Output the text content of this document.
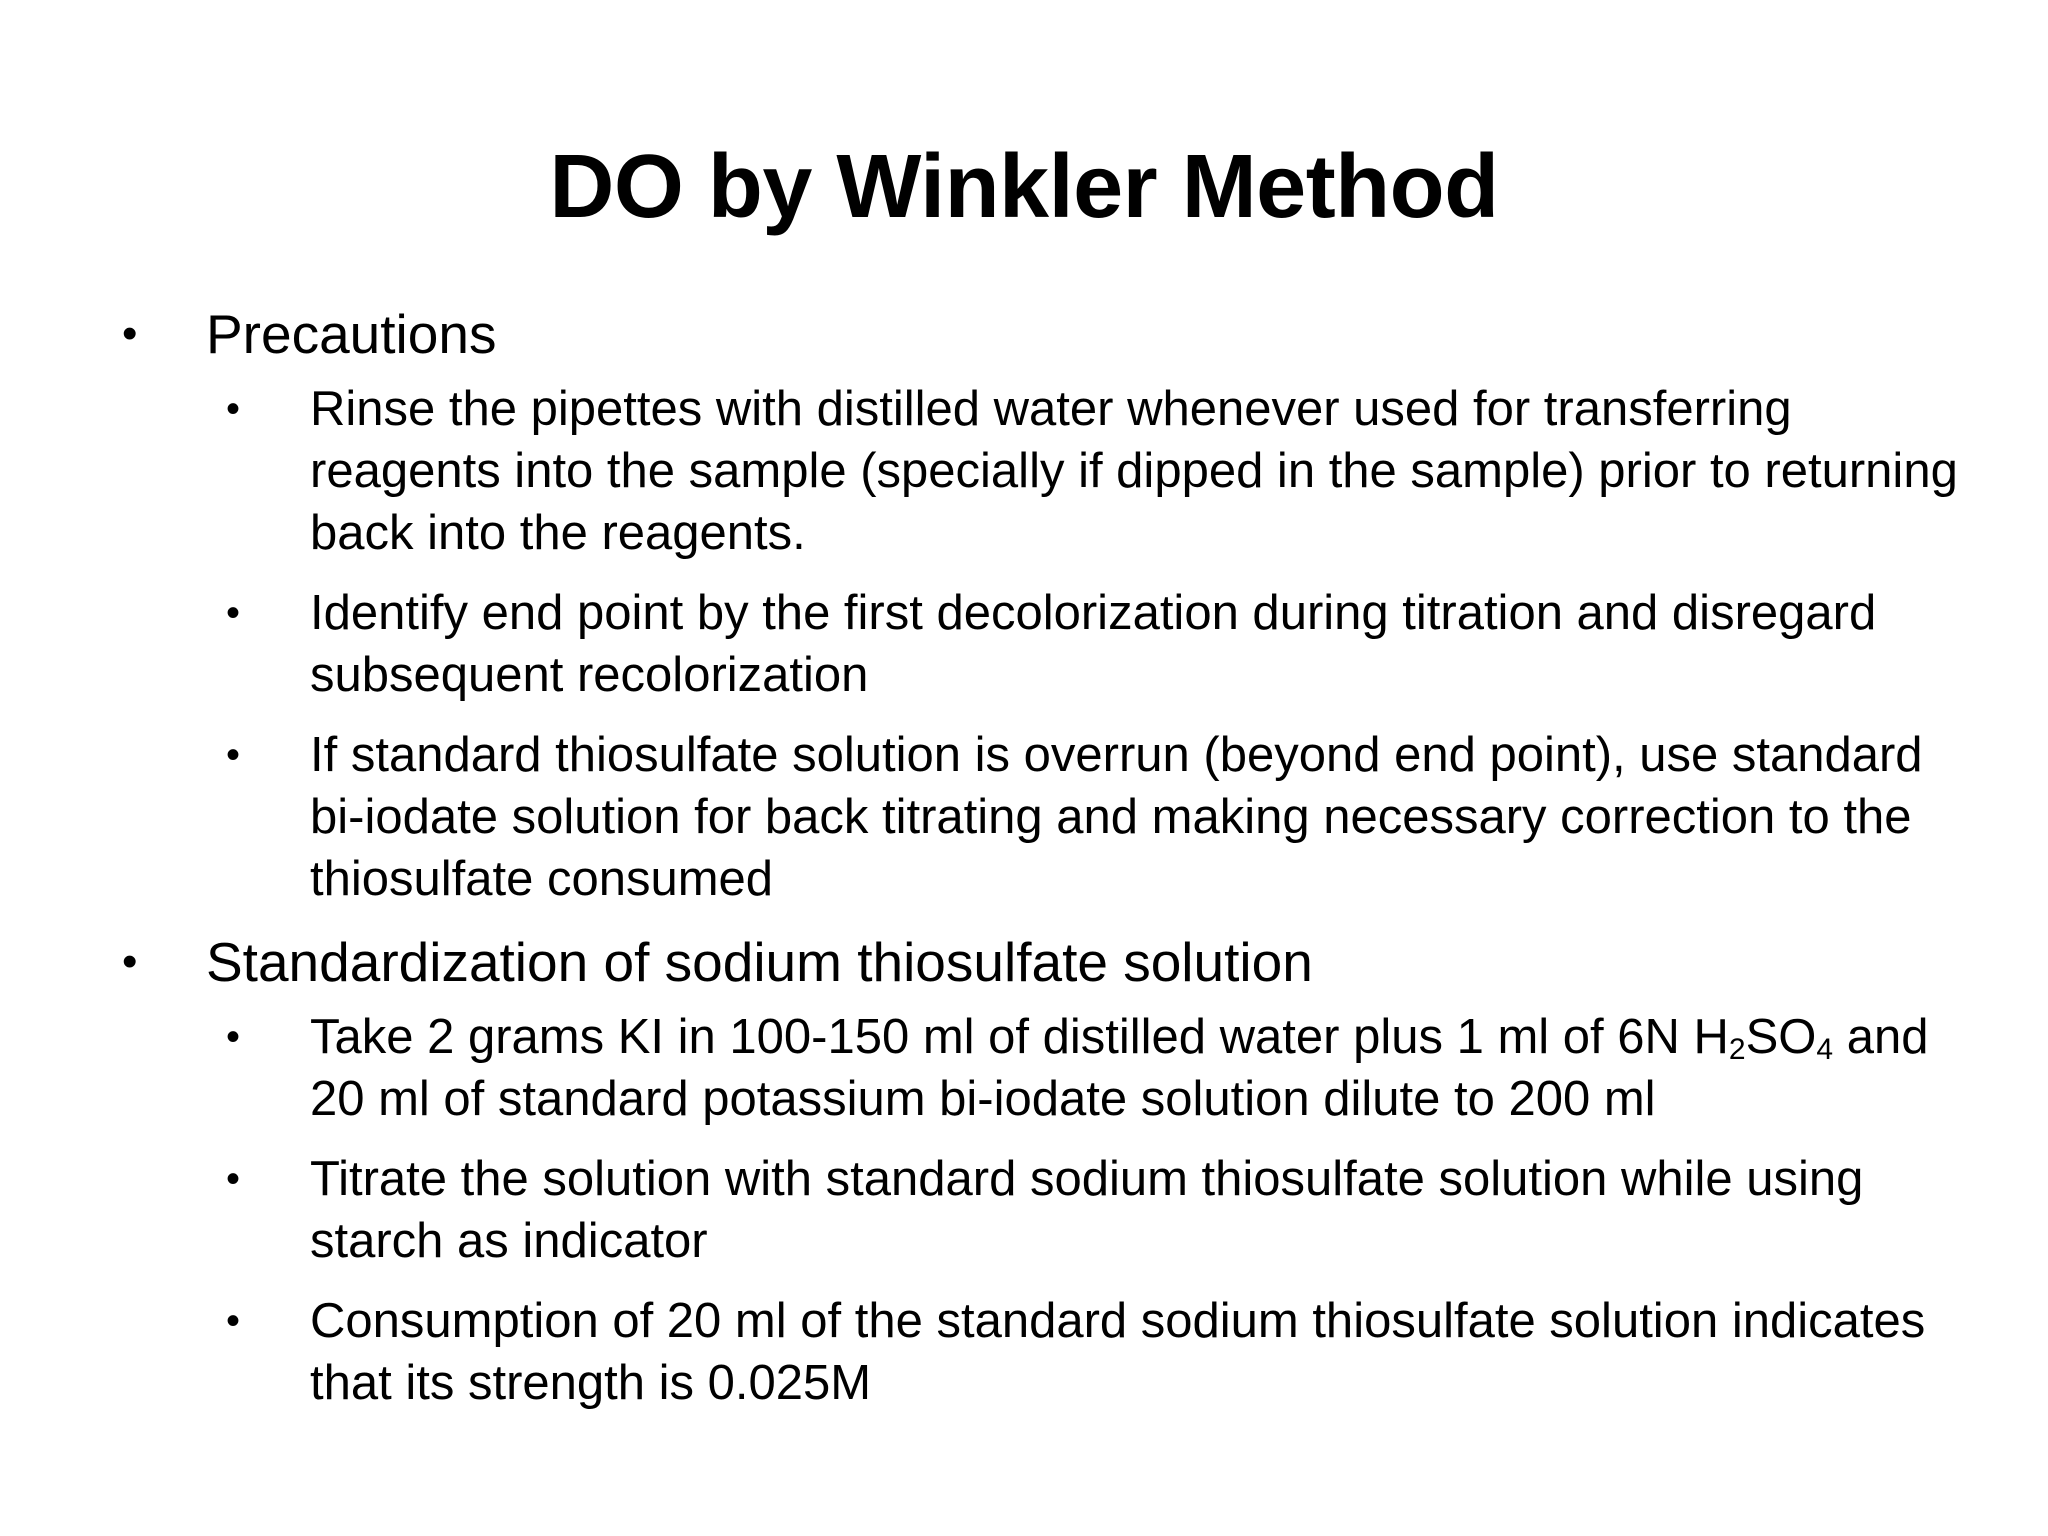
DO by Winkler Method
• Precautions
• Rinse the pipettes with distilled water whenever used for transferring reagents into the sample (specially if dipped in the sample) prior to returning back into the reagents.
• Identify end point by the first decolorization during titration and disregard subsequent recolorization
• If standard thiosulfate solution is overrun (beyond end point), use standard bi-iodate solution for back titrating and making necessary correction to the thiosulfate consumed
• Standardization of sodium thiosulfate solution
• Take 2 grams KI in 100-150 ml of distilled water plus 1 ml of 6N $H_2SO_4$ and 20 ml of standard potassium bi-iodate solution dilute to 200 ml
• Titrate the solution with standard sodium thiosulfate solution while using starch as indicator
• Consumption of 20 ml of the standard sodium thiosulfate solution indicates that its strength is 0.025M
